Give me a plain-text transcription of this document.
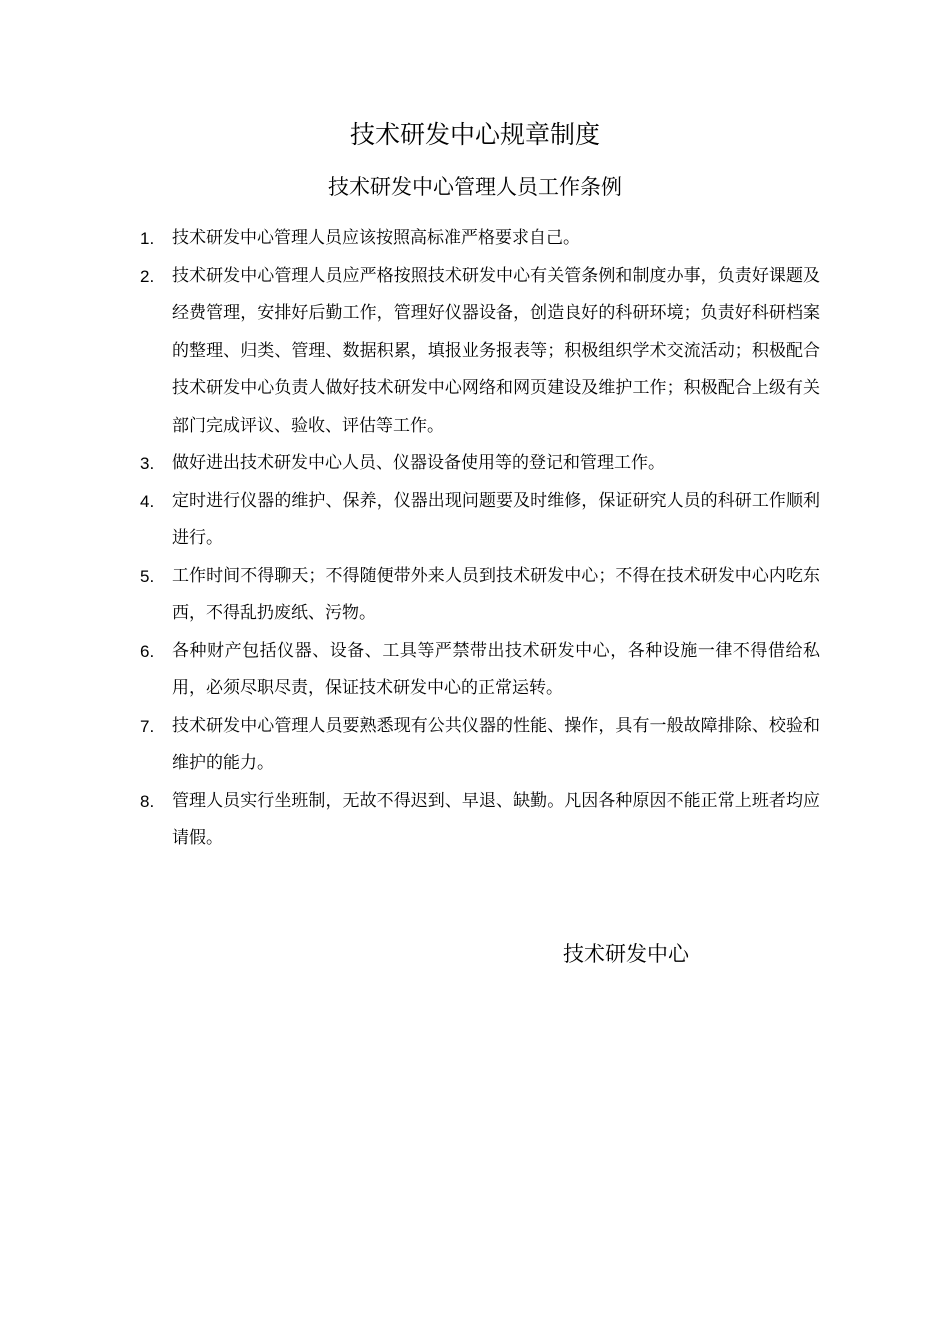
技术研发中心规章制度
技术研发中心管理人员工作条例
1. 技术研发中心管理人员应该按照高标准严格要求自己。
2. 技术研发中心管理人员应严格按照技术研发中心有关管条例和制度办事，负责好课题及经费管理，安排好后勤工作，管理好仪器设备，创造良好的科研环境；负责好科研档案的整理、归类、管理、数据积累，填报业务报表等；积极组织学术交流活动；积极配合技术研发中心负责人做好技术研发中心网络和网页建设及维护工作；积极配合上级有关部门完成评议、验收、评估等工作。
3. 做好进出技术研发中心人员、仪器设备使用等的登记和管理工作。
4. 定时进行仪器的维护、保养，仪器出现问题要及时维修，保证研究人员的科研工作顺利进行。
5. 工作时间不得聊天；不得随便带外来人员到技术研发中心；不得在技术研发中心内吃东西，不得乱扔废纸、污物。
6. 各种财产包括仪器、设备、工具等严禁带出技术研发中心，各种设施一律不得借给私用，必须尽职尽责，保证技术研发中心的正常运转。
7. 技术研发中心管理人员要熟悉现有公共仪器的性能、操作，具有一般故障排除、校验和维护的能力。
8. 管理人员实行坐班制，无故不得迟到、早退、缺勤。凡因各种原因不能正常上班者均应请假。
技术研发中心
